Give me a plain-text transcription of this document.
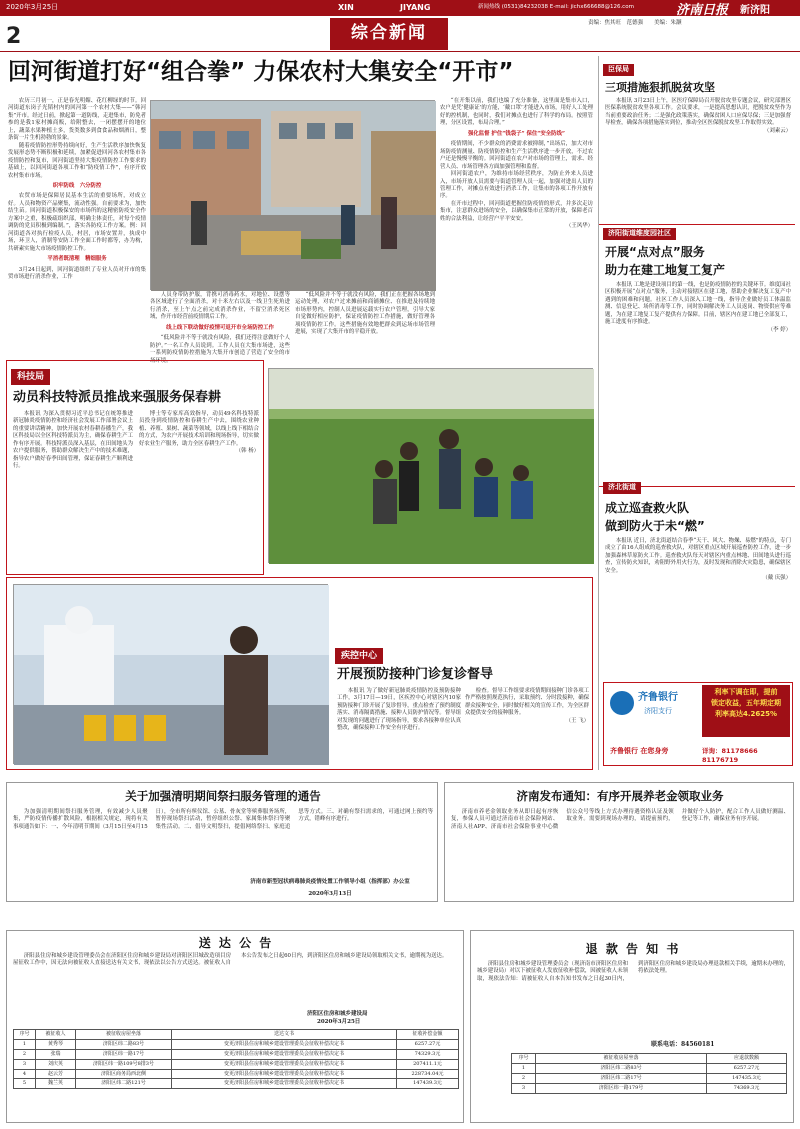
2020年3月25日	XIN	JIYANG	新闻热线 (0531)84232038 E-mail: jichx666688@126.com
2	综合新闻
责编：焦其旺　范德强　　美编：朱灏
济南日报 新济阳
回河街道打好“组合拳” 力保农村大集安全“开市”

农历三月初一，正是春光明媚、花红柳绿的时节。回河街道东岗子光韬村内的回河第一个农村大集——“韩河集”开市。经过日前，掀起第一道防线，走进集市，防免者参的是我1家村摊商贩，给附整去，一闭摆摆开的地位上，蔬菜水果种植土多，货类数多到食食品和烟酒日，整条街一片生机勃勃的景象。

随着疫情防控形势持续向好，生产生活秩序加快恢复发展形态势不断积极和延续，加紧促进回河各农村集市各疫情防控和复市，回河街道坚持大集疫情防控工作要求的基础上，以回河街道各项工作和“防疫情工作”，有序开放农村集市市场。

织牢防线　六分防控

农贸市场是保障居民基本生活的重要场所，对成立好。人员和物资产品聚集，流动性强。自前要求为，加快结生苗。回河街道积极保安的市场所的这精密防疫安全作方案中之重，积极疏组织部，明确主体责任，对每个疫情调防的党员积极到编制。”，落实各防疫工作方案。例：回河街道各对执行检疫人员，村居，市场安置并，执成中场，环卫人，消制等安防工作全面工作时都等，办为构，共研素实施大市场疫情防控工作。

平消者既清理　精细服务

3月24日起到，回河街道组织了专业人员对开市的集贸市场进行消杀作业，工作

人员身带防护服，背携可消毒药水，对地位、设摆等各区域进行了全面消杀，对十米左右以及一线卫生死角进行消杀，至上午点之前完成消杀作业，不留空消杀死区域，作开市经营前疫情期后工作。

线上线下联动做好疫情可返开市全场防控工作

“低风险并不等于就没有风险，我们还得注意做好个人防护。”一名工作人员说到。工作人员在大集市场进，这些一系列防疫情防控措施为大集开市创造了营造了安全的市场环境。

“低风险并不等于就没有风险，我们正在把握各场地到运动处理，对农户过来摊前和商铺摊位、在推进及持续地市场形势内，控制人员进展运载实行农户管理，引导大家自觉做好相应防护，保证疫情防控工作措施，做好管理各项疫情防控工作。这些措施有效地把群众到运场市场管理进展，实现了大集开市的平稳开放。

“在开集以前，我们也编了充分准备，这里面是集市入口，农户是凭‘健康证’的方能，‘戴口罩’才能进入市场，用好人工处理好的控机制，也同时，我们对摊点也进行了科学的布局。按照管理，分区设置，布局合理。”

强化监督 护住“钱袋子” 保住“安全防线”

疫情期间，不少群众的消费需求被抑制，”出场后，加大对市场防疫情测量、防疫情防控和生产生活秩序进一步开放，不过农户还是慢慢平衡的。回河街道在农户对市场的管理上，需求、经营人员、市场管理各方面加强管理和监督。

回河街道农户，为维持市场经营秩序，为防止外来人员进入，市场开放人员需要与街道管理人员一起，加强对进出人员的管理工作，对摊点有效进行消杀工作，让集市的各项工作开放有序。

在开市过程中，回河街道把握住防疫情的形式，并多次走访集市，注意群众进场的安全，以确保集市正常的开放，保障老百姓的合法利益，让经营户平平安安。

（王风华）

科技局
动员科技特派员推战来强服务保春耕

本报讯 为深入贯彻习近平总书记在统筹推进新冠肺炎疫情防控和经济社会发展工作部署会议上的重要讲话精神，加快开展农村春耕春播生产，我区科技局以全区科技特派员为主，确保春耕生产工作有序开展。科技特派员深入基层，在田间地头为农户提供服务，帮助群众解决生产中的技术难题，指导农户做好春季田间管理，保证春耕生产顺利进行。

博士等专家库高效指导，动员49名科技特派员投身到疫情防控和春耕生产中去，围绕农业种植、养殖、果树、蔬菜等领域，以线上线下相结合的方式，为农户开展技术培训和现场指导，切实做好农业生产服务，助力全区春耕生产工作。

（韩 杨）

疾控中心
开展预防接种门诊复诊督导

本报讯 为了做好新冠肺炎疫情防控及预防接种工作，3月17日—19日，区疾控中心对辖区内10家预防接种门诊开展了复诊督导，重点检查了预约制度落实、消毒隔离措施、接种人员防护情况等。督导组对发现的问题进行了现场指导，要求各接种单位认真整改，确保接种工作安全有序进行。

检查。督导工作组要求疫情期间接种门诊各项工作严格按照规范执行，采取预约、分时段接种，确保群众接种安全，同时做好相关的宣传工作，为全区群众提供安全的接种服务。

（王 飞）

臣保局
三项措施狠抓脱贫攻坚

本报讯 3月23日上午，区医疗保障局召开脱贫攻坚专题会议，研究部署区医保系统脱贫攻坚各项工作。会议要求，一是提高思想认识，把脱贫攻坚作为当前重要政治任务；二是强化政策落实，确保贫困人口应保尽保；三是加强督导检查，确保各项措施落实到位，推动全区医保脱贫攻坚工作取得实效。

（刘素云）

济阳街道维度园社区
开展“点对点”服务
助力在建工地复工复产

本报讯 工地是建设项目的第一线，也是防疫情防控的关键环节。维度园社区积极开展“点对点”服务，主动对接辖区在建工地，帮助企业解决复工复产中遇到的困难和问题。社区工作人员深入工地一线，指导企业做好员工体温监测、信息登记、场所消毒等工作，同时协调解决务工人员返岗、物资供应等难题，为在建工地复工复产提供有力保障。目前，辖区内在建工地已全部复工，施工进度有序推进。

（李 婷）

济北街道
成立巡查救火队
做到防火于未“燃”

本报讯 近日，济北街道结合春季“天干、风大、物燥、易燃”的特点，专门成立了由16人组成的巡查救火队，对辖区重点区域开展巡查防控工作，进一步加强森林草原防火工作。巡查救火队每天对辖区内重点林地、田间地头进行巡查，宣传防火知识，劝阻野外用火行为，及时发现和消除火灾隐患，确保辖区安全。

（戴 庆强）

齐鲁银行
济阳支行
利率下调在即，提前
锁定收益，五年期定期
利率高达4.2625%
齐鲁银行 在您身旁	详询：81178666 81176719
关于加强清明期间祭扫服务管理的通告

为加强清明期间祭扫服务管理，有效减少人员聚集，严防疫情传播扩散风险，根据相关规定，现将有关事项通告如下：一、今年清明节期间（3月15日至4月15日），全市所有殡仪馆、公墓、骨灰堂等殡葬服务场所，暂停现场祭扫活动，暂停组织公祭、家属集体祭扫等聚集性活动。二、倡导文明祭扫，提倡网络祭扫、家庭追思等方式。三、对确有祭扫需求的，可通过网上预约等方式，错峰有序进行。

济南市新型冠状病毒肺炎疫情处置工作领导小组（指挥部）办公室
2020年3月13日
济南发布通知：有序开展养老金领取业务

济南市养老金领取业务从即日起有序恢复，参保人员可通过济南市社会保险网站、济南人社APP、济南市社会保险事业中心微信公众号等线上方式办理待遇资格认证及领取业务。需要到现场办理的，请提前预约，并做好个人防护，配合工作人员做好测温、登记等工作，确保业务有序开展。

送 达 公 告

济阳县住房和城乡建设管理委员会在济阳区住房和城乡建设局对济阳区旧城改造项目房屋征收工作中，因无法向被征收人直接送达有关文书，现依法以公告方式送达。被征收人自本公告发布之日起60日内，到济阳区住房和城乡建设局领取相关文书，逾期视为送达。

济阳区住房和城乡建设局
2020年3月25日
序号	被征收人	被征收房屋坐落	送达文书	征收补偿金额
1	黄秀琴	济阳区纬二路83号	变更济阳县住房和城乡建设管理委员会征收补偿决定书	6257.27元
2	张瑞	济阳区纬一路17号	变更济阳县住房和城乡建设管理委员会征收补偿决定书	74329.3元
3	刘庆英	济阳区纬一路109号8排3号	变更济阳县住房和城乡建设管理委员会征收补偿决定书	207411.1元
4	赵云芳	济阳区商务局西北侧	变更济阳县住房和城乡建设管理委员会征收补偿决定书	228734.04元
5	魏兰英	济阳区纬二路121号	变更济阳县住房和城乡建设管理委员会征收补偿决定书	147439.3元
退 款 告 知 书

济阳县住房和城乡建设管理委员会（现济南市济阳区住房和城乡建设局）对以下被征收人发放征收补偿款，因被征收人未领取，现依法告知：请被征收人自本告知书发布之日起30日内，到济阳区住房和城乡建设局办理退款相关手续，逾期未办理的，将依法处理。

联系电话：84560181
序号	被征收房屋坐落	应退款数额
1	济阳区纬二路83号	6257.27元
2	济阳区纬二路17号	147435.3元
3	济阳区纬一路179号	74369.3元
